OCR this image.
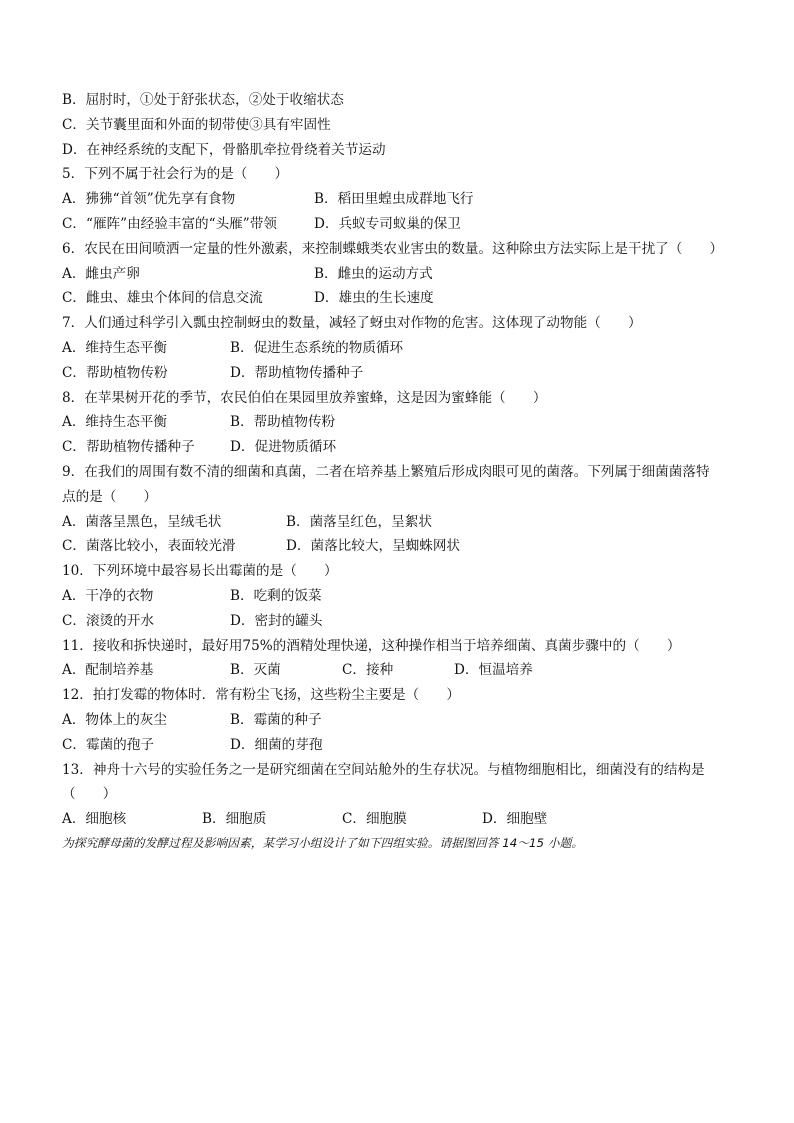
B．屈肘时，①处于舒张状态，②处于收缩状态
C．关节囊里面和外面的韧带使③具有牢固性
D．在神经系统的支配下，骨骼肌牵拉骨绕着关节运动
5．下列不属于社会行为的是（　　）
A．狒狒“首领”优先享有食物	B．稻田里蝗虫成群地飞行
C．“雁阵”由经验丰富的“头雁”带领	D．兵蚁专司蚁巢的保卫
6．农民在田间喷洒一定量的性外激素，来控制蝶蛾类农业害虫的数量。这种除虫方法实际上是干扰了（　　）
A．雌虫产卵	B．雌虫的运动方式
C．雌虫、雄虫个体间的信息交流	D．雄虫的生长速度
7．人们通过科学引入瓢虫控制蚜虫的数量，减轻了蚜虫对作物的危害。这体现了动物能（　　）
A．维持生态平衡	B．促进生态系统的物质循环
C．帮助植物传粉	D．帮助植物传播种子
8．在苹果树开花的季节，农民伯伯在果园里放养蜜蜂，这是因为蜜蜂能（　　）
A．维持生态平衡	B．帮助植物传粉
C．帮助植物传播种子	D．促进物质循环
9．在我们的周围有数不清的细菌和真菌，二者在培养基上繁殖后形成肉眼可见的菌落。下列属于细菌菌落特
点的是（　　）
A．菌落呈黑色，呈绒毛状	B．菌落呈红色，呈絮状
C．菌落比较小，表面较光滑	D．菌落比较大，呈蜘蛛网状
10．下列环境中最容易长出霉菌的是（　　）
A．干净的衣物	B．吃剩的饭菜
C．滚烫的开水	D．密封的罐头
11．接收和拆快递时，最好用75%的酒精处理快递，这种操作相当于培养细菌、真菌步骤中的（　　）
A．配制培养基	B．灭菌	C．接种	D．恒温培养
12．拍打发霉的物体时．常有粉尘飞扬，这些粉尘主要是（　　）
A．物体上的灰尘	B．霉菌的种子
C．霉菌的孢子	D．细菌的芽孢
13．神舟十六号的实验任务之一是研究细菌在空间站舱外的生存状况。与植物细胞相比，细菌没有的结构是
（　　）
A．细胞核	B．细胞质	C．细胞膜	D．细胞壁
为探究酵母菌的发酵过程及影响因素，某学习小组设计了如下四组实验。请据图回答 14～15 小题。
